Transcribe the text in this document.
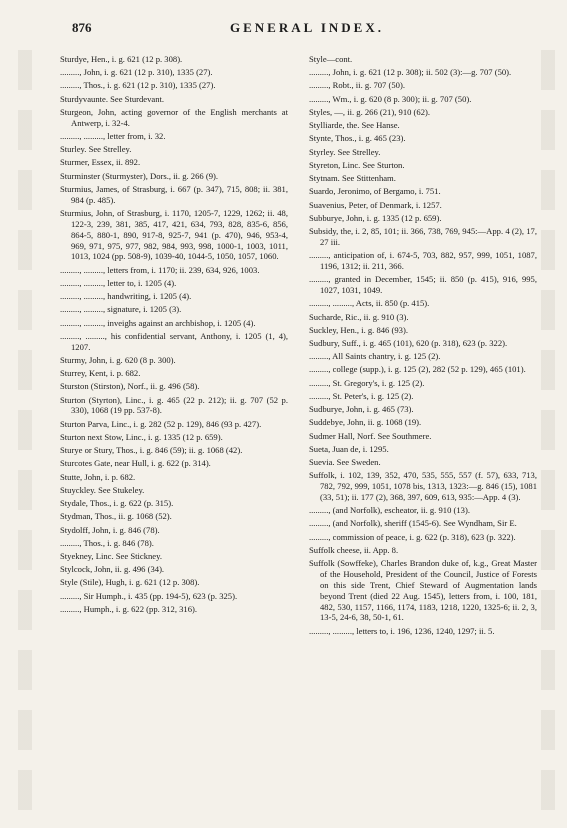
876	GENERAL INDEX.
Sturdye, Hen., i. g. 621 (12 p. 308).
........., John, i. g. 621 (12 p. 310), 1335 (27).
........., Thos., i. g. 621 (12 p. 310), 1335 (27).
Sturdyvaunte. See Sturdevant.
Sturgeon, John, acting governor of the English merchants at Antwerp, i. 32-4.
........., ........., letter from, i. 32.
Sturley. See Strelley.
Sturmer, Essex, ii. 892.
Sturminster (Sturmyster), Dors., ii. g. 266 (9).
Sturmius, James, of Strasburg, i. 667 (p. 347), 715, 808; ii. 381, 984 (p. 485).
Sturmius, John, of Strasburg, i. 1170, 1205-7, 1229, 1262; ii. 48, 122-3, 239, 381, 385, 417, 421, 634, 793, 828, 835-6, 856, 864-5, 880-1, 890, 917-8, 925-7, 941 (p. 470), 946, 953-4, 969, 971, 975, 977, 982, 984, 993, 998, 1000-1, 1003, 1011, 1013, 1024 (pp. 508-9), 1039-40, 1044-5, 1050, 1057, 1060.
........., ........., letters from, i. 1170; ii. 239, 634, 926, 1003.
........., ........., letter to, i. 1205 (4).
........., ........., handwriting, i. 1205 (4).
........., ........., signature, i. 1205 (3).
........., ........., inveighs against an archbishop, i. 1205 (4).
........., ........., his confidential servant, Anthony, i. 1205 (1, 4), 1207.
Sturmy, John, i. g. 620 (8 p. 300).
Sturrey, Kent, i. p. 682.
Sturston (Stirston), Norf., ii. g. 496 (58).
Sturton (Styrton), Linc., i. g. 465 (22 p. 212); ii. g. 707 (52 p. 330), 1068 (19 pp. 537-8).
Sturton Parva, Linc., i. g. 282 (52 p. 129), 846 (93 p. 427).
Sturton next Stow, Linc., i. g. 1335 (12 p. 659).
Sturye or Stury, Thos., i. g. 846 (59); ii. g. 1068 (42).
Sturcotes Gate, near Hull, i. g. 622 (p. 314).
Stutte, John, i. p. 682.
Stuyckley. See Stukeley.
Stydale, Thos., i. g. 622 (p. 315).
Stydman, Thos., ii. g. 1068 (52).
Stydolff, John, i. g. 846 (78).
........., Thos., i. g. 846 (78).
Styekney, Linc. See Stickney.
Stylcock, John, ii. g. 496 (34).
Style (Stile), Hugh, i. g. 621 (12 p. 308).
........., Sir Humph., i. 435 (pp. 194-5), 623 (p. 325).
........., Humph., i. g. 622 (pp. 312, 316).
Style—cont.
........., John, i. g. 621 (12 p. 308); ii. 502 (3):—g. 707 (50).
........., Robt., ii. g. 707 (50).
........., Wm., i. g. 620 (8 p. 300); ii. g. 707 (50).
Styles, —, ii. g. 266 (21), 910 (62).
Stylliarde, the. See Hanse.
Stynte, Thos., i. g. 465 (23).
Styrley. See Strelley.
Styreton, Linc. See Sturton.
Stytnam. See Stittenham.
Suardo, Jeronimo, of Bergamo, i. 751.
Suavenius, Peter, of Denmark, i. 1257.
Subburye, John, i. g. 1335 (12 p. 659).
Subsidy, the, i. 2, 85, 101; ii. 366, 738, 769, 945:—App. 4 (2), 17, 27 iii.
........., anticipation of, i. 674-5, 703, 882, 957, 999, 1051, 1087, 1196, 1312; ii. 211, 366.
........., granted in December, 1545; ii. 850 (p. 415), 916, 995, 1027, 1031, 1049.
........., ........., Acts, ii. 850 (p. 415).
Sucharde, Ric., ii. g. 910 (3).
Suckley, Hen., i. g. 846 (93).
Sudbury, Suff., i. g. 465 (101), 620 (p. 318), 623 (p. 322).
........., All Saints chantry, i. g. 125 (2).
........., college (supp.), i. g. 125 (2), 282 (52 p. 129), 465 (101).
........., St. Gregory's, i. g. 125 (2).
........., St. Peter's, i. g. 125 (2).
Sudburye, John, i. g. 465 (73).
Suddebye, John, ii. g. 1068 (19).
Sudmer Hall, Norf. See Southmere.
Sueta, Juan de, i. 1295.
Suevia. See Sweden.
Suffolk, i. 102, 139, 352, 470, 535, 555, 557 (f. 57), 633, 713, 782, 792, 999, 1051, 1078 bis, 1313, 1323:—g. 846 (15), 1081 (33, 51); ii. 177 (2), 368, 397, 609, 613, 935:—App. 4 (3).
........., (and Norfolk), escheator, ii. g. 910 (13).
........., (and Norfolk), sheriff (1545-6). See Wyndham, Sir E.
........., commission of peace, i. g. 622 (p. 318), 623 (p. 322).
Suffolk cheese, ii. App. 8.
Suffolk (Sowffeke), Charles Brandon duke of, k.g., Great Master of the Household, President of the Council, Justice of Forests on this side Trent, Chief Steward of Augmentation lands beyond Trent (died 22 Aug. 1545), letters from, i. 100, 181, 482, 530, 1157, 1166, 1174, 1183, 1218, 1220, 1325-6; ii. 2, 3, 13-5, 24-6, 38, 50-1, 61.
........., ........., letters to, i. 196, 1236, 1240, 1297; ii. 5.
